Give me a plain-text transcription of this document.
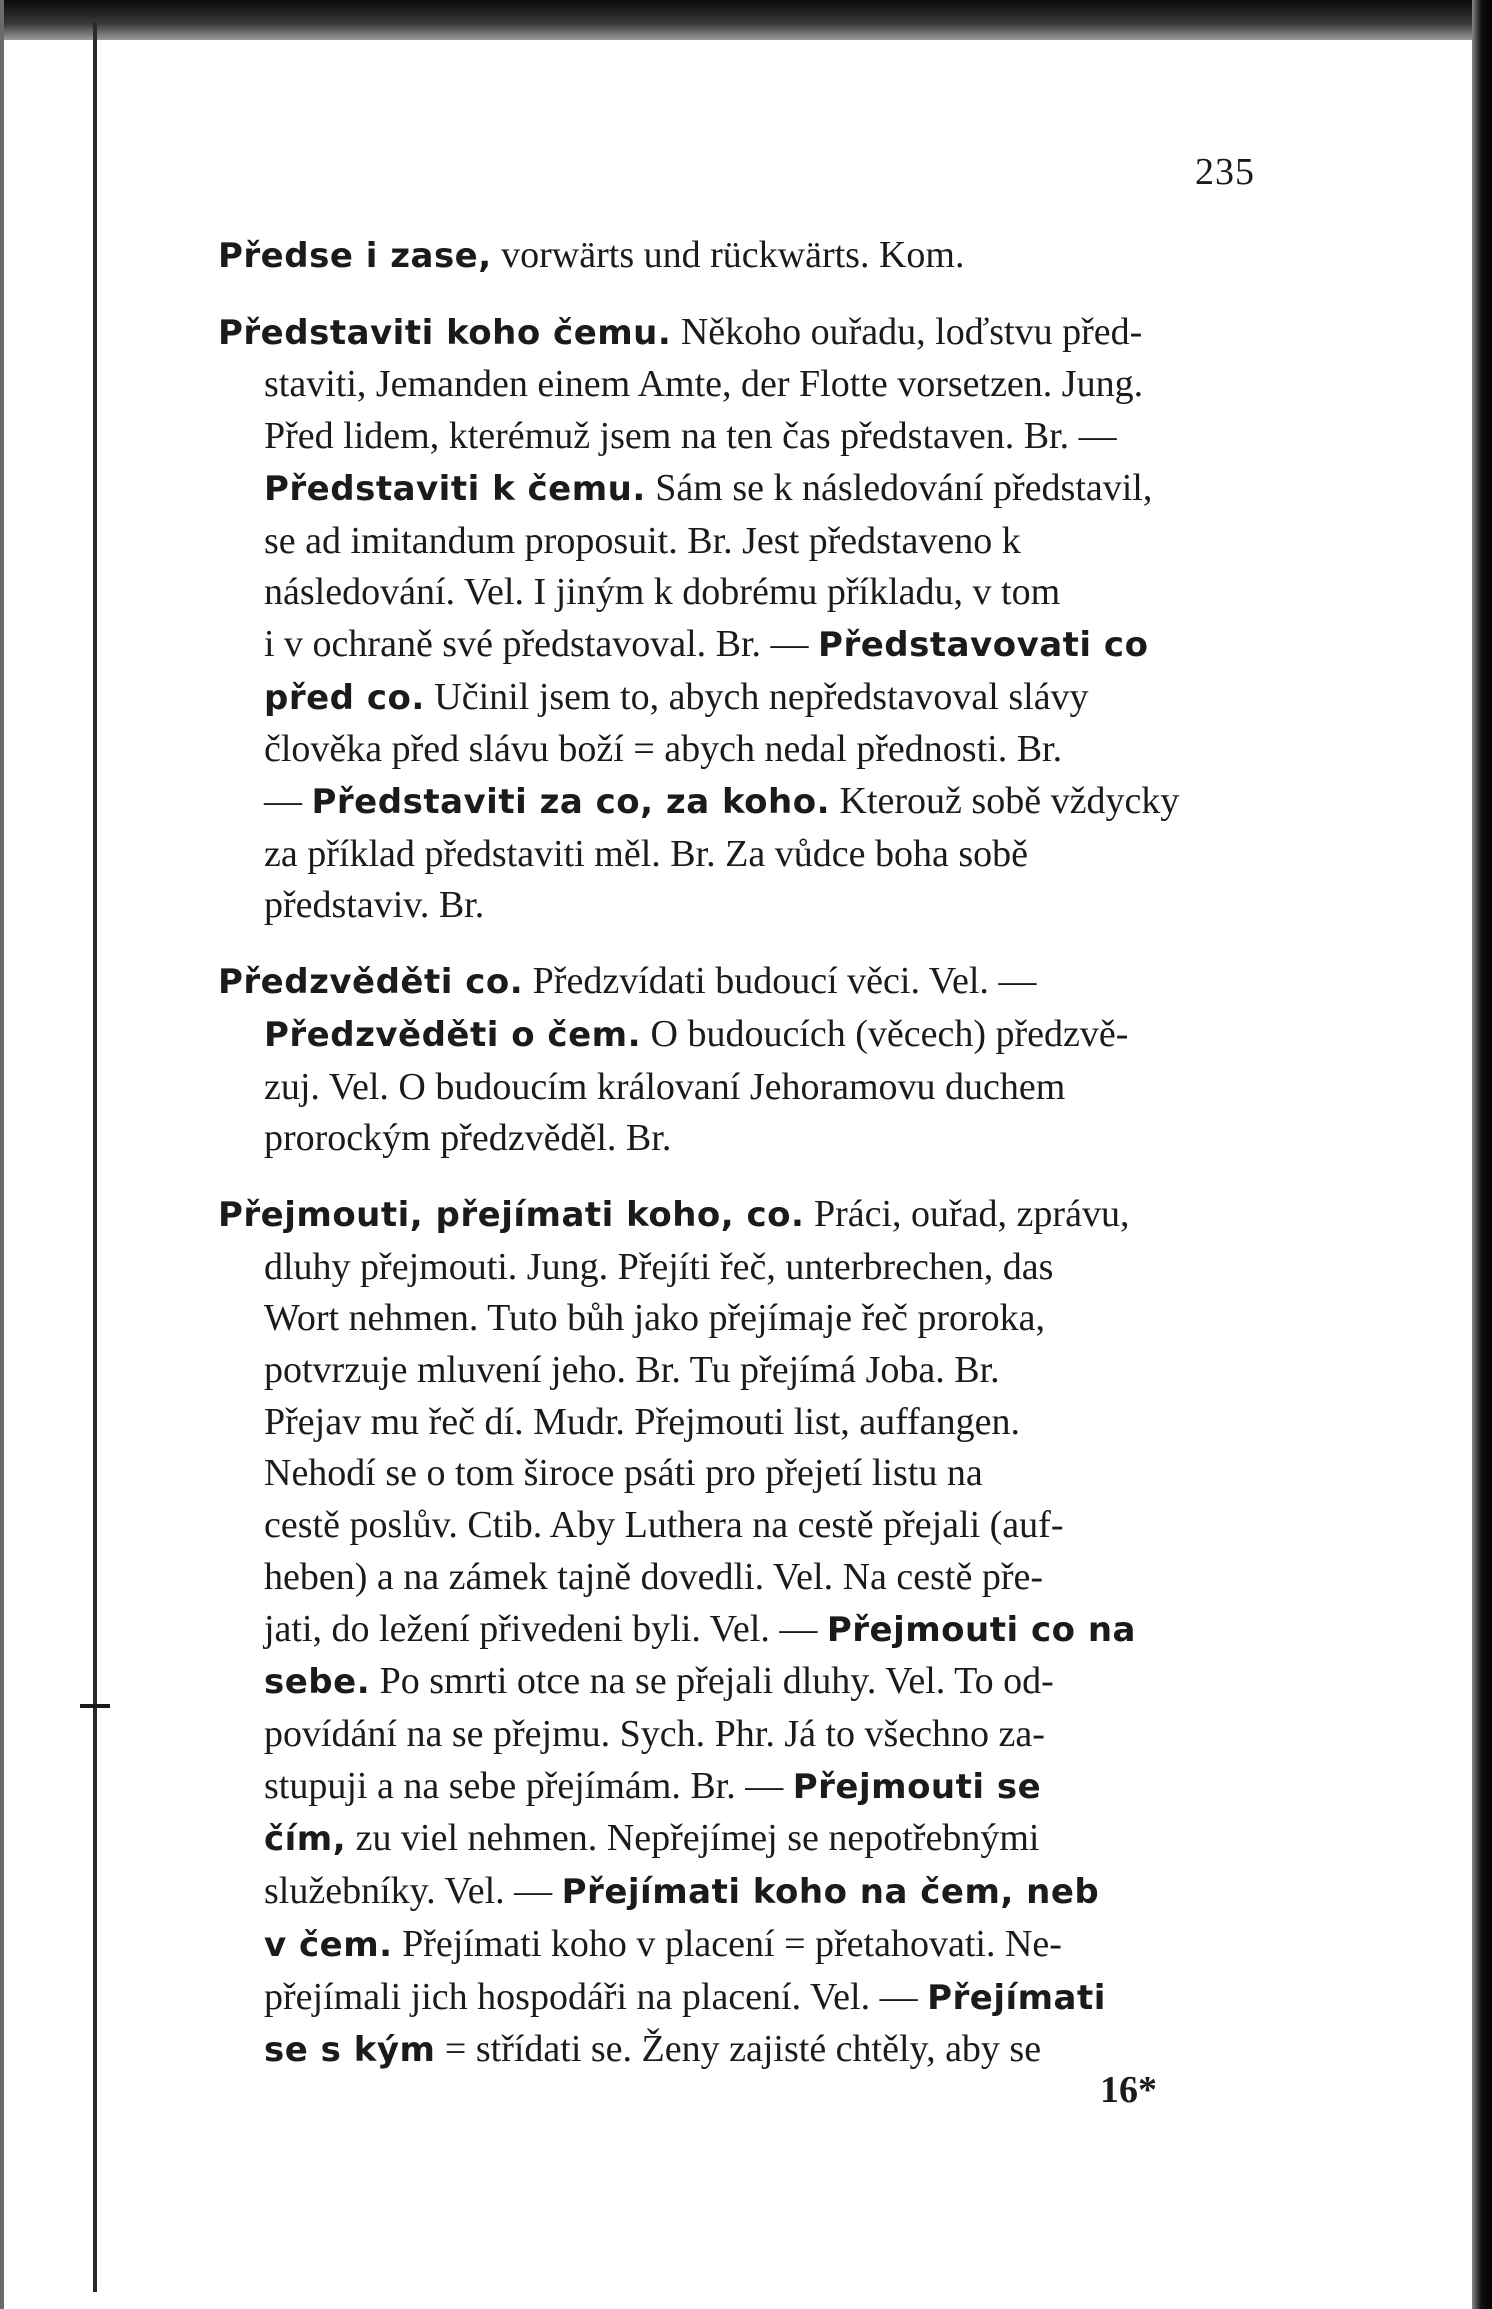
235

Předse i zase, vorwärts und rückwärts. Kom.

Představiti koho čemu. Někoho ouřadu, loďstvu před-

staviti, Jemanden einem Amte, der Flotte vorsetzen. Jung.

Před lidem, kterémuž jsem na ten čas představen. Br. —

Představiti k čemu. Sám se k následování představil,

se ad imitandum proposuit. Br. Jest představeno k

následování. Vel. I jiným k dobrému příkladu, v tom

i v ochraně své představoval. Br. — Představovati co

před co. Učinil jsem to, abych nepředstavoval slávy

člověka před slávu boží = abych nedal přednosti. Br.

— Představiti za co, za koho. Kterouž sobě vždycky

za příklad představiti měl. Br. Za vůdce boha sobě

představiv. Br.

Předzvěděti co. Předzvídati budoucí věci. Vel. —

Předzvěděti o čem. O budoucích (věcech) předzvě-

zuj. Vel. O budoucím královaní Jehoramovu duchem

prorockým předzvěděl. Br.

Přejmouti, přejímati koho, co. Práci, ouřad, zprávu,

dluhy přejmouti. Jung. Přejíti řeč, unterbrechen, das

Wort nehmen. Tuto bůh jako přejímaje řeč proroka,

potvrzuje mluvení jeho. Br. Tu přejímá Joba. Br.

Přejav mu řeč dí. Mudr. Přejmouti list, auffangen.

Nehodí se o tom široce psáti pro přejetí listu na

cestě poslův. Ctib. Aby Luthera na cestě přejali (auf-

heben) a na zámek tajně dovedli. Vel. Na cestě pře-

jati, do ležení přivedeni byli. Vel. — Přejmouti co na

sebe. Po smrti otce na se přejali dluhy. Vel. To od-

povídání na se přejmu. Sych. Phr. Já to všechno za-

stupuji a na sebe přejímám. Br. — Přejmouti se

čím, zu viel nehmen. Nepřejímej se nepotřebnými

služebníky. Vel. — Přejímati koho na čem, neb

v čem. Přejímati koho v placení = přetahovati. Ne-

přejímali jich hospodáři na placení. Vel. — Přejímati

se s kým = střídati se. Ženy zajisté chtěly, aby se

16*
